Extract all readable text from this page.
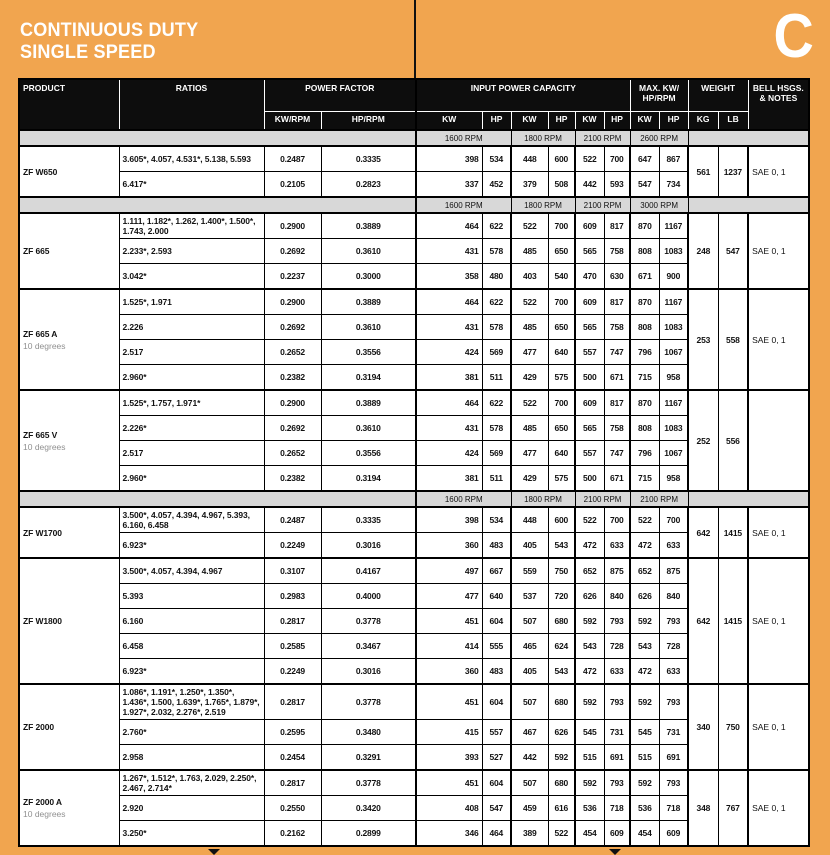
CONTINUOUS DUTY
SINGLE SPEED	C
PRODUCT	RATIOS	POWER FACTOR	INPUT POWER CAPACITY	MAX. KW/
HP/RPM
	WEIGHT	BELL HSGS.
& NOTES

		KW/RPM	HP/RPM	KW	HP	KW	HP	KW	HP	KW	HP	KG	LB	
				1600 RPM		1800 RPM		2100 RPM		2600 RPM				

ZF W650	3.605*, 4.057, 4.531*, 5.138, 5.593	0.2487	0.3335	398	534	448	600	522	700	647	867	561	1237	SAE 0, 1
	6.417*	0.2105	0.2823	337	452	379	508	442	593	547	734			
				1600 RPM		1800 RPM		2100 RPM		3000 RPM				

ZF 665	1.111, 1.182*, 1.262, 1.400*, 1.500*, 1.743, 2.000	0.2900	0.3889	464	622	522	700	609	817	870	1167	248	547	SAE 0, 1
	2.233*, 2.593	0.2692	0.3610	431	578	485	650	565	758	808	1083			
	3.042*	0.2237	0.3000	358	480	403	540	470	630	671	900			

ZF 665 A
10 degrees	1.525*, 1.971	0.2900	0.3889	464	622	522	700	609	817	870	1167	253	558	SAE 0, 1
	2.226	0.2692	0.3610	431	578	485	650	565	758	808	1083			
	2.517	0.2652	0.3556	424	569	477	640	557	747	796	1067			
	2.960*	0.2382	0.3194	381	511	429	575	500	671	715	958			

ZF 665 V
10 degrees	1.525*, 1.757, 1.971*	0.2900	0.3889	464	622	522	700	609	817	870	1167	252	556	
	2.226*	0.2692	0.3610	431	578	485	650	565	758	808	1083			
	2.517	0.2652	0.3556	424	569	477	640	557	747	796	1067			
	2.960*	0.2382	0.3194	381	511	429	575	500	671	715	958			
				1600 RPM		1800 RPM		2100 RPM		2100 RPM				

ZF W1700	3.500*, 4.057, 4.394, 4.967, 5.393, 6.160, 6.458	0.2487	0.3335	398	534	448	600	522	700	522	700	642	1415	SAE 0, 1
	6.923*	0.2249	0.3016	360	483	405	543	472	633	472	633			

ZF W1800	3.500*, 4.057, 4.394, 4.967	0.3107	0.4167	497	667	559	750	652	875	652	875	642	1415	SAE 0, 1
	5.393	0.2983	0.4000	477	640	537	720	626	840	626	840			
	6.160	0.2817	0.3778	451	604	507	680	592	793	592	793			
	6.458	0.2585	0.3467	414	555	465	624	543	728	543	728			
	6.923*	0.2249	0.3016	360	483	405	543	472	633	472	633			

ZF 2000	1.086*, 1.191*, 1.250*, 1.350*, 1.436*, 1.500, 1.639*, 1.765*, 1.879*, 1.927*, 2.032, 2.276*, 2.519	0.2817	0.3778	451	604	507	680	592	793	592	793	340	750	SAE 0, 1
	2.760*	0.2595	0.3480	415	557	467	626	545	731	545	731			
	2.958	0.2454	0.3291	393	527	442	592	515	691	515	691			

ZF 2000 A
10 degrees	1.267*, 1.512*, 1.763, 2.029, 2.250*, 2.467, 2.714*	0.2817	0.3778	451	604	507	680	592	793	592	793	348	767	SAE 0, 1
	2.920	0.2550	0.3420	408	547	459	616	536	718	536	718			
	3.250*	0.2162	0.2899	346	464	389	522	454	609	454	609			
